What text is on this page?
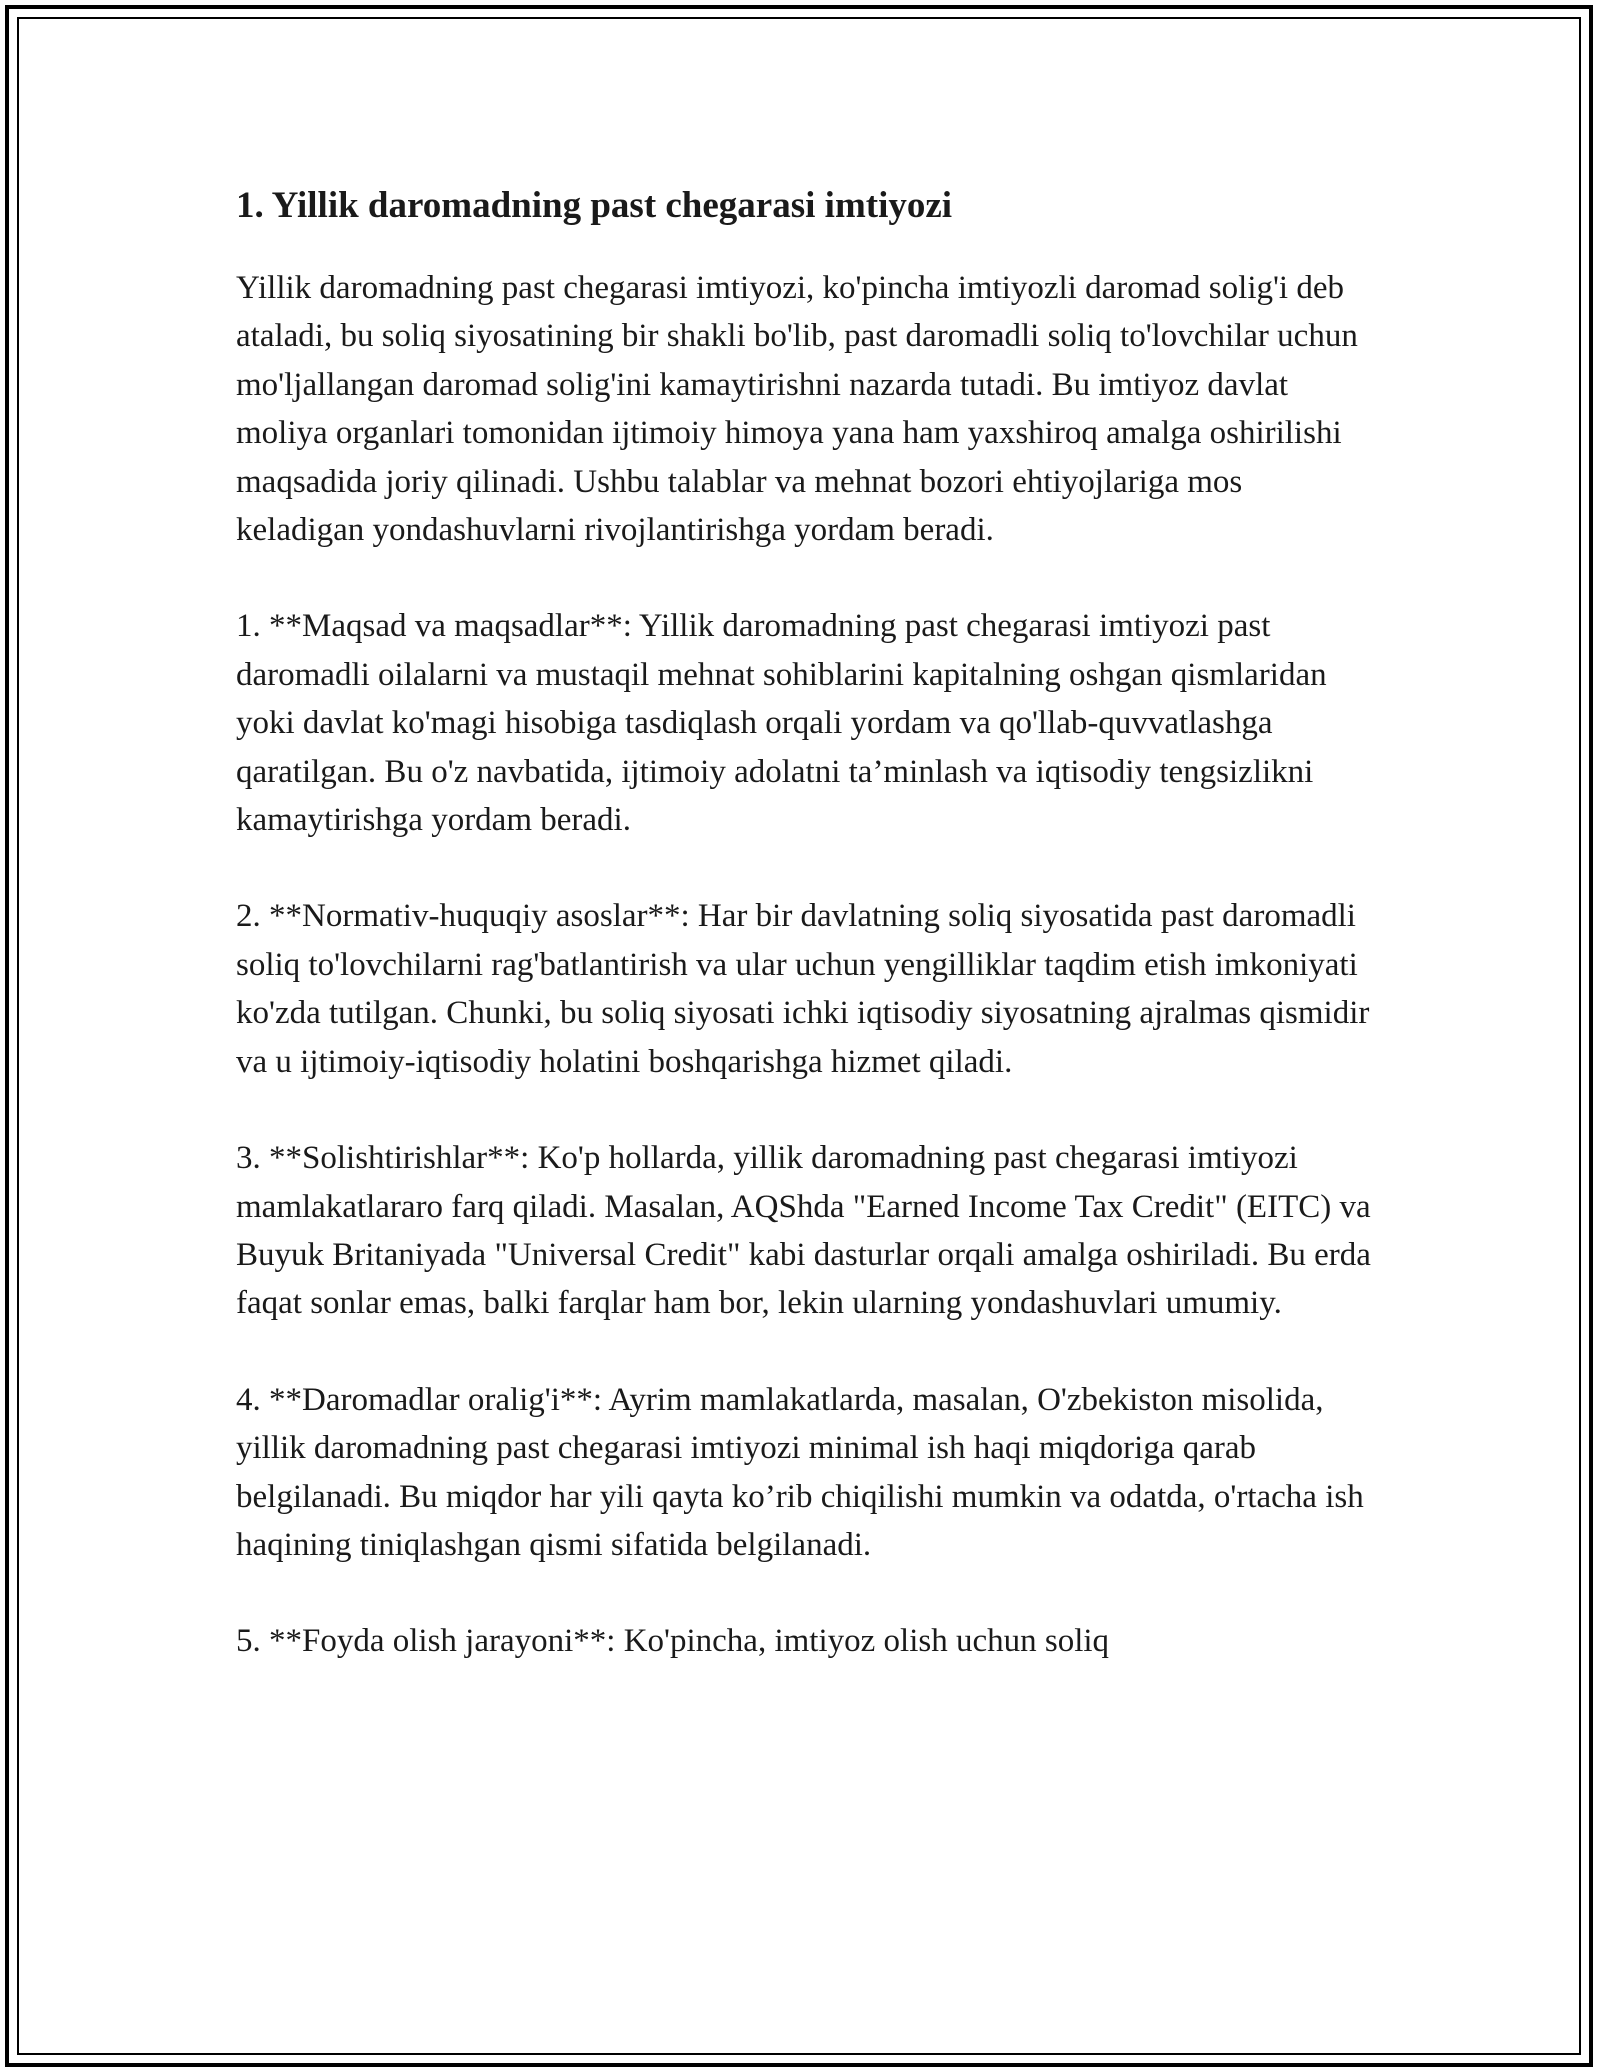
1. Yillik daromadning past chegarasi imtiyozi

Yillik daromadning past chegarasi imtiyozi, ko'pincha imtiyozli daromad solig'i deb ataladi, bu soliq siyosatining bir shakli bo'lib, past daromadli soliq to'lovchilar uchun mo'ljallangan daromad solig'ini kamaytirishni nazarda tutadi. Bu imtiyoz davlat moliya organlari tomonidan ijtimoiy himoya yana ham yaxshiroq amalga oshirilishi maqsadida joriy qilinadi. Ushbu talablar va mehnat bozori ehtiyojlariga mos keladigan yondashuvlarni rivojlantirishga yordam beradi.

1. **Maqsad va maqsadlar**: Yillik daromadning past chegarasi imtiyozi past daromadli oilalarni va mustaqil mehnat sohiblarini kapitalning oshgan qismlaridan yoki davlat ko'magi hisobiga tasdiqlash orqali yordam va qo'llab-quvvatlashga qaratilgan. Bu o'z navbatida, ijtimoiy adolatni ta’minlash va iqtisodiy tengsizlikni kamaytirishga yordam beradi.

2. **Normativ-huquqiy asoslar**: Har bir davlatning soliq siyosatida past daromadli soliq to'lovchilarni rag'batlantirish va ular uchun yengilliklar taqdim etish imkoniyati ko'zda tutilgan. Chunki, bu soliq siyosati ichki iqtisodiy siyosatning ajralmas qismidir va u ijtimoiy-iqtisodiy holatini boshqarishga hizmet qiladi.

3. **Solishtirishlar**: Ko'p hollarda, yillik daromadning past chegarasi imtiyozi mamlakatlararo farq qiladi. Masalan, AQShda "Earned Income Tax Credit" (EITC) va Buyuk Britaniyada "Universal Credit" kabi dasturlar orqali amalga oshiriladi. Bu erda faqat sonlar emas, balki farqlar ham bor, lekin ularning yondashuvlari umumiy.

4. **Daromadlar oralig'i**: Ayrim mamlakatlarda, masalan, O'zbekiston misolida, yillik daromadning past chegarasi imtiyozi minimal ish haqi miqdoriga qarab belgilanadi. Bu miqdor har yili qayta ko’rib chiqilishi mumkin va odatda, o'rtacha ish haqining tiniqlashgan qismi sifatida belgilanadi.

5. **Foyda olish jarayoni**: Ko'pincha, imtiyoz olish uchun soliq
